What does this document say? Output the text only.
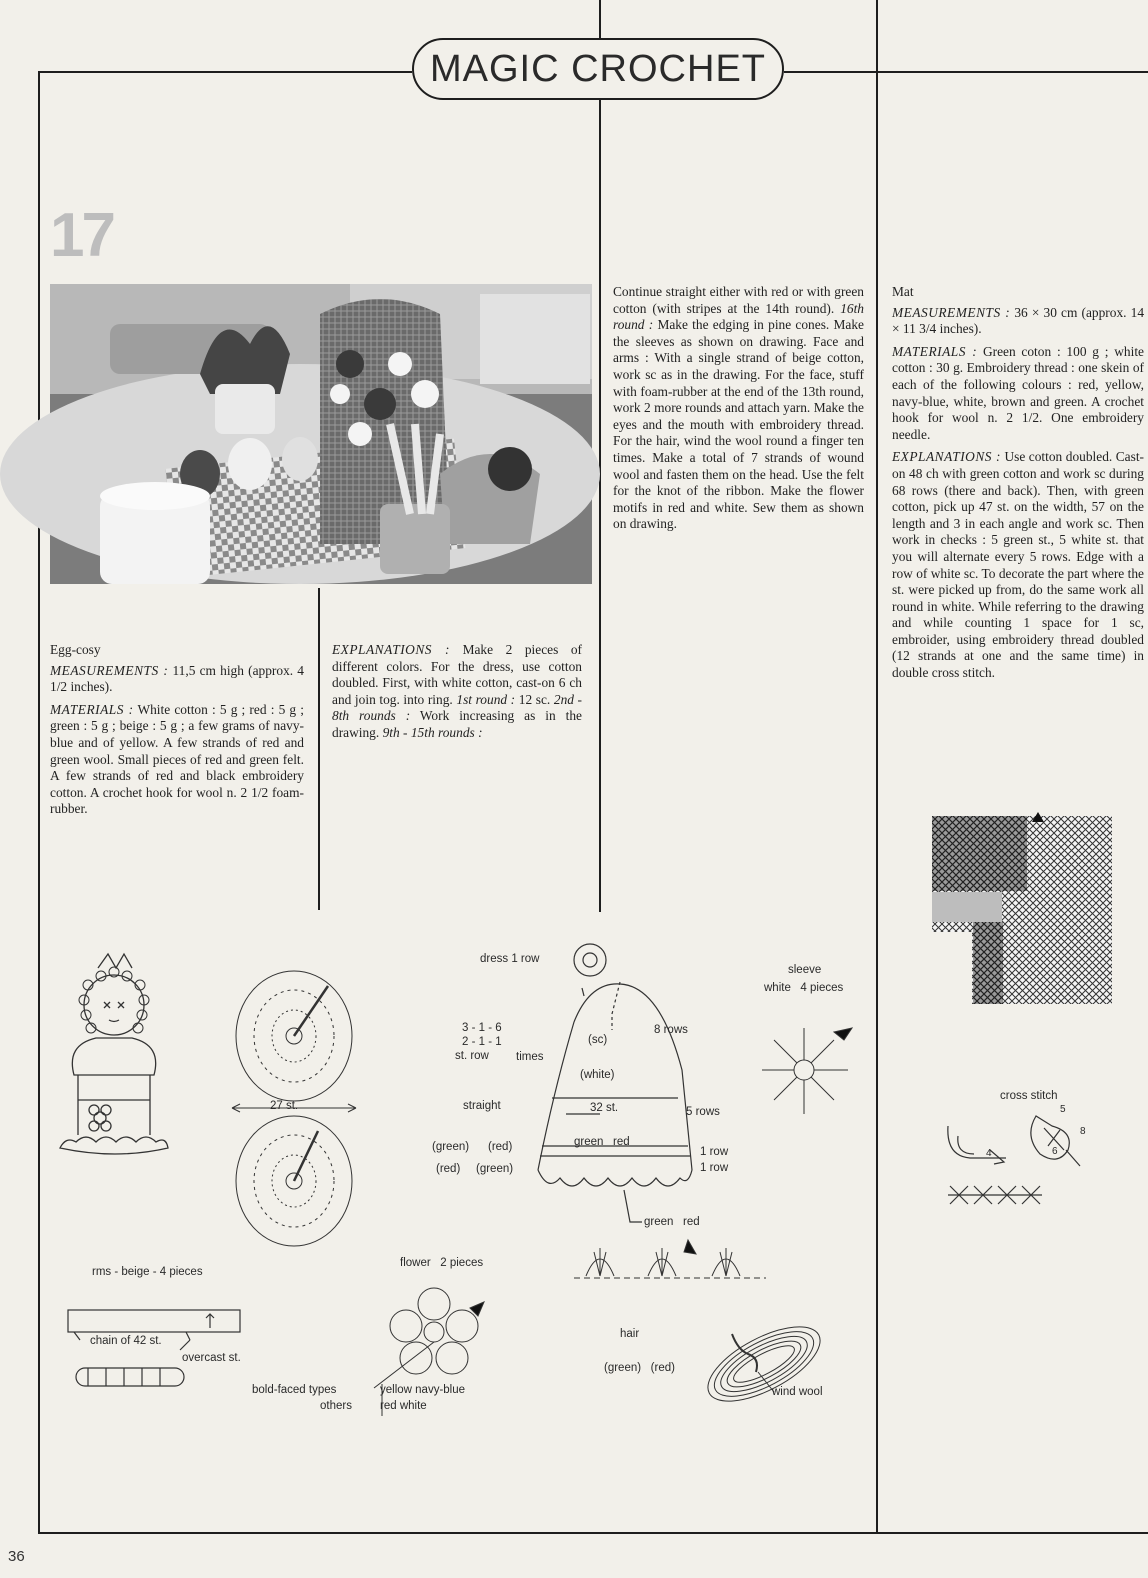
MAGIC CROCHET
17
36

Egg-cosy

MEASUREMENTS : 11,5 cm high (approx. 4 1/2 inches).

MATERIALS : White cotton : 5 g ; red : 5 g ; green : 5 g ; beige : 5 g ; a few grams of navy-blue and of yellow. A few strands of red and green wool. Small pieces of red and green felt. A few strands of red and black embroidery cotton. A crochet hook for wool n. 2 1/2 foam-rubber.

EXPLANATIONS : Make 2 pieces of different colors. For the dress, use cotton doubled. First, with white cotton, cast-on 6 ch and join tog. into ring. 1st round : 12 sc. 2nd - 8th rounds : Work increasing as in the drawing. 9th - 15th rounds :

Continue straight either with red or with green cotton (with stripes at the 14th round). 16th round : Make the edging in pine cones. Make the sleeves as shown on drawing. Face and arms : With a single strand of beige cotton, work sc as in the drawing. For the face, stuff with foam-rubber at the end of the 13th round, work 2 more rounds and attach yarn. Make the eyes and the mouth with embroidery thread. For the hair, wind the wool round a finger ten times. Make a total of 7 strands of wound wool and fasten them on the head. Use the felt for the knot of the ribbon. Make the flower motifs in red and white. Sew them as shown on drawing.

Mat

MEASUREMENTS : 36 × 30 cm (approx. 14 × 11 3/4 inches).

MATERIALS : Green coton : 100 g ; white cotton : 30 g. Embroidery thread : one skein of each of the following colours : red, yellow, navy-blue, white, brown and green. A crochet hook for wool n. 2 1/2. One embroidery needle.

EXPLANATIONS : Use cotton doubled. Cast-on 48 ch with green cotton and work sc during 68 rows (there and back). Then, with green cotton, pick up 47 st. on the width, 57 on the length and 3 in each angle and work sc. Then work in checks : 5 green st., 5 white st. that you will alternate every 5 rows. Edge with a row of white sc. To decorate the part where the st. were picked up from, do the same work all round in white. While referring to the drawing and while counting 1 space for 1 sc, embroider, using embroidery thread doubled (12 strands at one and the same time) in double cross stitch.

dress 1 row
3 - 1 - 6
2 - 1 - 1
st. row times
(sc)
8 rows
(white)
straight	32 st.	5 rows
(green) (red)
(red) (green)
green   red
1 row
1 row
green   red
27 st.
sleeve
white   4 pieces
rms - beige - 4 pieces
chain of 42 st.
overcast st.
flower   2 pieces
bold-faced types
others
yellow navy-blue
red white
hair
(green)   (red)
wind wool
cross stitch
5
8
4	6
